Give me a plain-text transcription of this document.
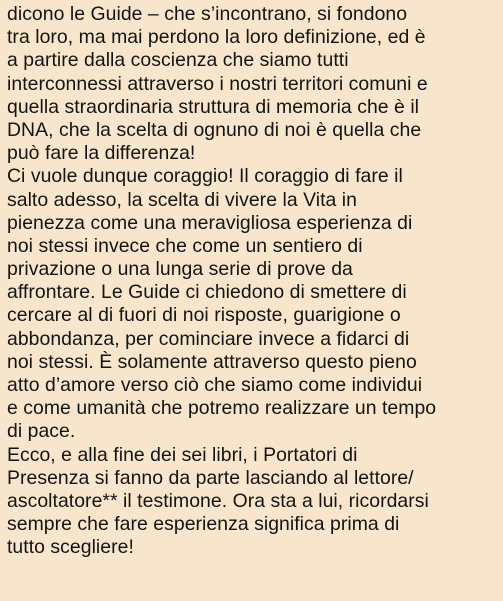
dicono le Guide – che s’incontrano, si fondono
tra loro, ma mai perdono la loro definizione, ed è
a partire dalla coscienza che siamo tutti
interconnessi attraverso i nostri territori comuni e
quella straordinaria struttura di memoria che è il
DNA, che la scelta di ognuno di noi è quella che
può fare la differenza!
Ci vuole dunque coraggio! Il coraggio di fare il
salto adesso, la scelta di vivere la Vita in
pienezza come una meravigliosa esperienza di
noi stessi invece che come un sentiero di
privazione o una lunga serie di prove da
affrontare. Le Guide ci chiedono di smettere di
cercare al di fuori di noi risposte, guarigione o
abbondanza, per cominciare invece a fidarci di
noi stessi. È solamente attraverso questo pieno
atto d’amore verso ciò che siamo come individui
e come umanità che potremo realizzare un tempo
di pace.
Ecco, e alla fine dei sei libri, i Portatori di
Presenza si fanno da parte lasciando al lettore/
ascoltatore** il testimone. Ora sta a lui, ricordarsi
sempre che fare esperienza significa prima di
tutto scegliere!
